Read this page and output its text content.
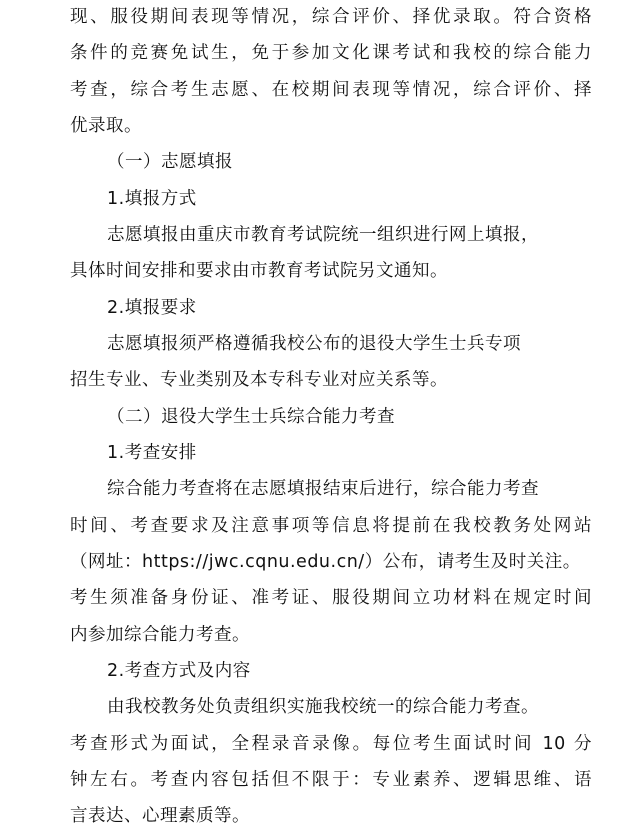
现、服役期间表现等情况，综合评价、择优录取。符合资格
条件的竞赛免试生，免于参加文化课考试和我校的综合能力
考查，综合考生志愿、在校期间表现等情况，综合评价、择
优录取。
（一）志愿填报
1.填报方式
志愿填报由重庆市教育考试院统一组织进行网上填报，
具体时间安排和要求由市教育考试院另文通知。
2.填报要求
志愿填报须严格遵循我校公布的退役大学生士兵专项
招生专业、专业类别及本专科专业对应关系等。
（二）退役大学生士兵综合能力考查
1.考查安排
综合能力考查将在志愿填报结束后进行，综合能力考查
时间、考查要求及注意事项等信息将提前在我校教务处网站
（网址：https://jwc.cqnu.edu.cn/）公布，请考生及时关注。
考生须准备身份证、准考证、服役期间立功材料在规定时间
内参加综合能力考查。
2.考查方式及内容
由我校教务处负责组织实施我校统一的综合能力考查。
考查形式为面试，全程录音录像。每位考生面试时间 10 分
钟左右。考查内容包括但不限于：专业素养、逻辑思维、语
言表达、心理素质等。
